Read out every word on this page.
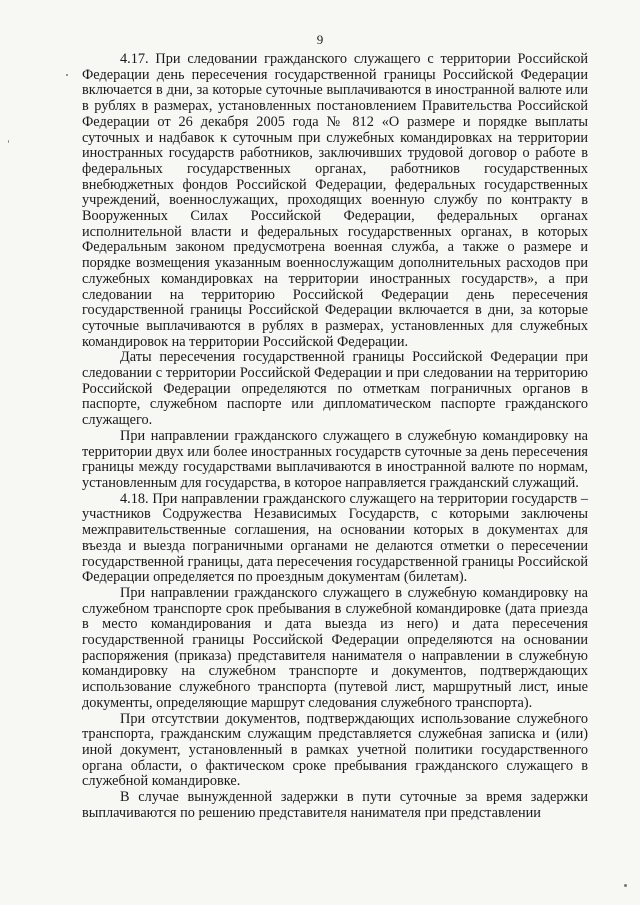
9

4.17. При следовании гражданского служащего с территории Российской Федерации день пересечения государственной границы Российской Федерации включается в дни, за которые суточные выплачиваются в иностранной валюте или в рублях в размерах, установленных постановлением Правительства Российской Федерации от 26 декабря 2005 года № 812 «О размере и порядке выплаты суточных и надбавок к суточным при служебных командировках на территории иностранных государств работников, заключивших трудовой договор о работе в федеральных государственных органах, работников государственных внебюджетных фондов Российской Федерации, федеральных государственных учреждений, военнослужащих, проходящих военную службу по контракту в Вооруженных Силах Российской Федерации, федеральных органах исполнительной власти и федеральных государственных органах, в которых Федеральным законом предусмотрена военная служба, а также о размере и порядке возмещения указанным военнослужащим дополнительных расходов при служебных командировках на территории иностранных государств», а при следовании на территорию Российской Федерации день пересечения государственной границы Российской Федерации включается в дни, за которые суточные выплачиваются в рублях в размерах, установленных для служебных командировок на территории Российской Федерации.

Даты пересечения государственной границы Российской Федерации при следовании с территории Российской Федерации и при следовании на территорию Российской Федерации определяются по отметкам пограничных органов в паспорте, служебном паспорте или дипломатическом паспорте гражданского служащего.

При направлении гражданского служащего в служебную командировку на территории двух или более иностранных государств суточные за день пересечения границы между государствами выплачиваются в иностранной валюте по нормам, установленным для государства, в которое направляется гражданский служащий.

4.18. При направлении гражданского служащего на территории государств – участников Содружества Независимых Государств, с которыми заключены межправительственные соглашения, на основании которых в документах для въезда и выезда пограничными органами не делаются отметки о пересечении государственной границы, дата пересечения государственной границы Российской Федерации определяется по проездным документам (билетам).

При направлении гражданского служащего в служебную командировку на служебном транспорте срок пребывания в служебной командировке (дата приезда в место командирования и дата выезда из него) и дата пересечения государственной границы Российской Федерации определяются на основании распоряжения (приказа) представителя нанимателя о направлении в служебную командировку на служебном транспорте и документов, подтверждающих использование служебного транспорта (путевой лист, маршрутный лист, иные документы, определяющие маршрут следования служебного транспорта).

При отсутствии документов, подтверждающих использование служебного транспорта, гражданским служащим представляется служебная записка и (или) иной документ, установленный в рамках учетной политики государственного органа области, о фактическом сроке пребывания гражданского служащего в служебной командировке.

В случае вынужденной задержки в пути суточные за время задержки выплачиваются по решению представителя нанимателя при представлении
